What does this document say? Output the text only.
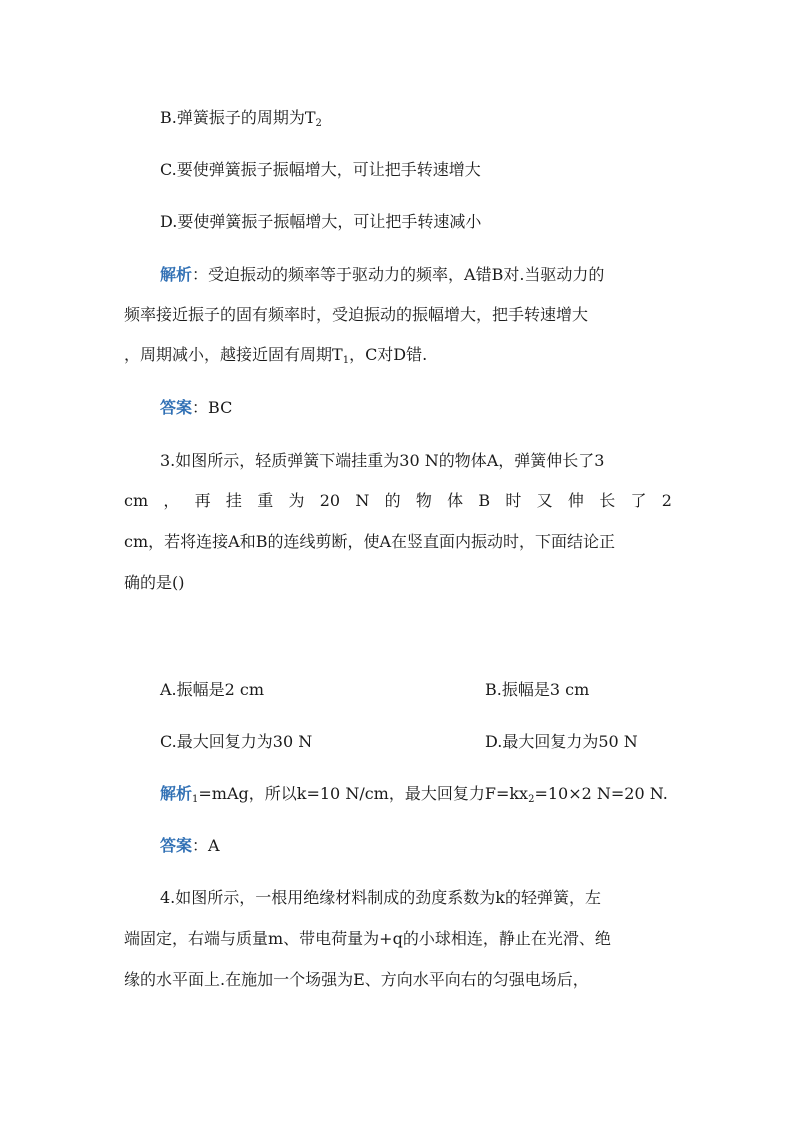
B.弹簧振子的周期为$T_2$
C.要使弹簧振子振幅增大，可让把手转速增大
D.要使弹簧振子振幅增大，可让把手转速减小
解析：受迫振动的频率等于驱动力的频率，A错B对.当驱动力的
频率接近振子的固有频率时，受迫振动的振幅增大，把手转速增大
，周期减小，越接近固有周期$T_1$，C对D错.
答案：BC
3.如图所示，轻质弹簧下端挂重为30 N的物体A，弹簧伸长了3
cm ， 再 挂 重 为 20 N 的 物 体 B 时 又 伸 长 了 2
cm，若将连接A和B的连线剪断，使A在竖直面内振动时，下面结论正
确的是()
A.振幅是2 cm	B.振幅是3 cm
C.最大回复力为30 N	D.最大回复力为50 N
解析$_1$=mAg，所以k=10 N/cm，最大回复力$F=kx_2=10\times 2$ N=20 N.
答案：A
4.如图所示，一根用绝缘材料制成的劲度系数为k的轻弹簧，左
端固定，右端与质量m、带电荷量为+q的小球相连，静止在光滑、绝
缘的水平面上.在施加一个场强为E、方向水平向右的匀强电场后，
